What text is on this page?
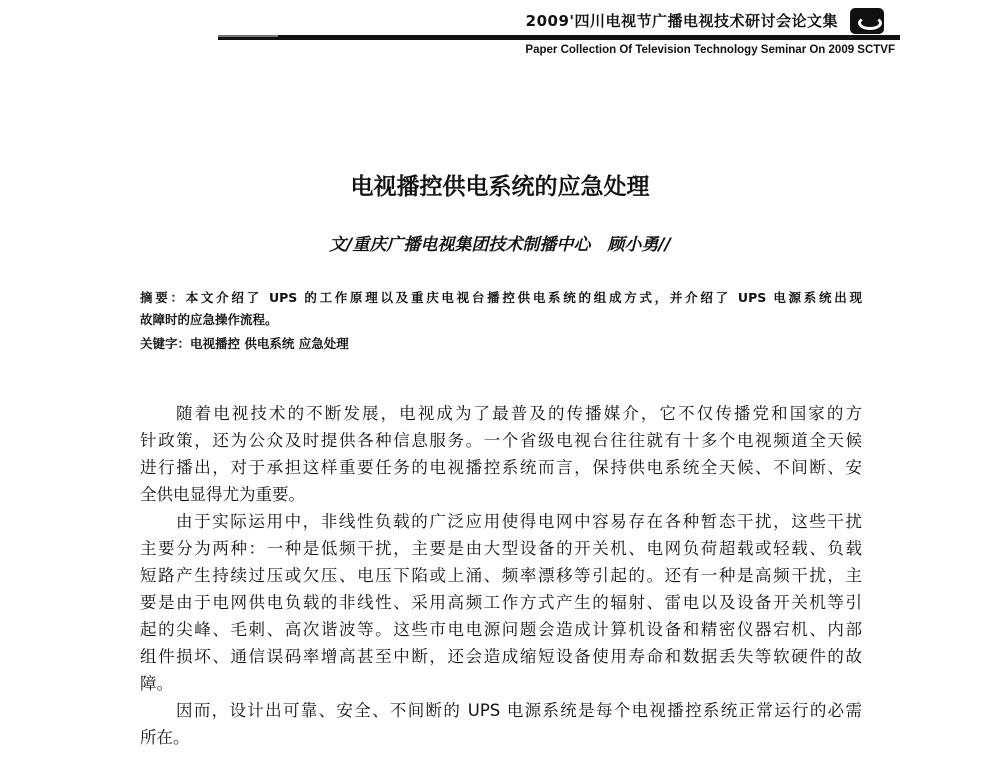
2009'四川电视节广播电视技术研讨会论文集
Paper Collection Of Television Technology Seminar On 2009 SCTVF
电视播控供电系统的应急处理
文/重庆广播电视集团技术制播中心　顾小勇//
摘要：本文介绍了 UPS 的工作原理以及重庆电视台播控供电系统的组成方式，并介绍了 UPS 电源系统出现
故障时的应急操作流程。
关键字：电视播控 供电系统 应急处理
随着电视技术的不断发展，电视成为了最普及的传播媒介，它不仅传播党和国家的方
针政策，还为公众及时提供各种信息服务。一个省级电视台往往就有十多个电视频道全天候
进行播出，对于承担这样重要任务的电视播控系统而言，保持供电系统全天候、不间断、安
全供电显得尤为重要。
由于实际运用中，非线性负载的广泛应用使得电网中容易存在各种暂态干扰，这些干扰
主要分为两种：一种是低频干扰，主要是由大型设备的开关机、电网负荷超载或轻载、负载
短路产生持续过压或欠压、电压下陷或上涌、频率漂移等引起的。还有一种是高频干扰，主
要是由于电网供电负载的非线性、采用高频工作方式产生的辐射、雷电以及设备开关机等引
起的尖峰、毛刺、高次谐波等。这些市电电源问题会造成计算机设备和精密仪器宕机、内部
组件损坏、通信误码率增高甚至中断，还会造成缩短设备使用寿命和数据丢失等软硬件的故
障。
因而，设计出可靠、安全、不间断的 UPS 电源系统是每个电视播控系统正常运行的必需
所在。
